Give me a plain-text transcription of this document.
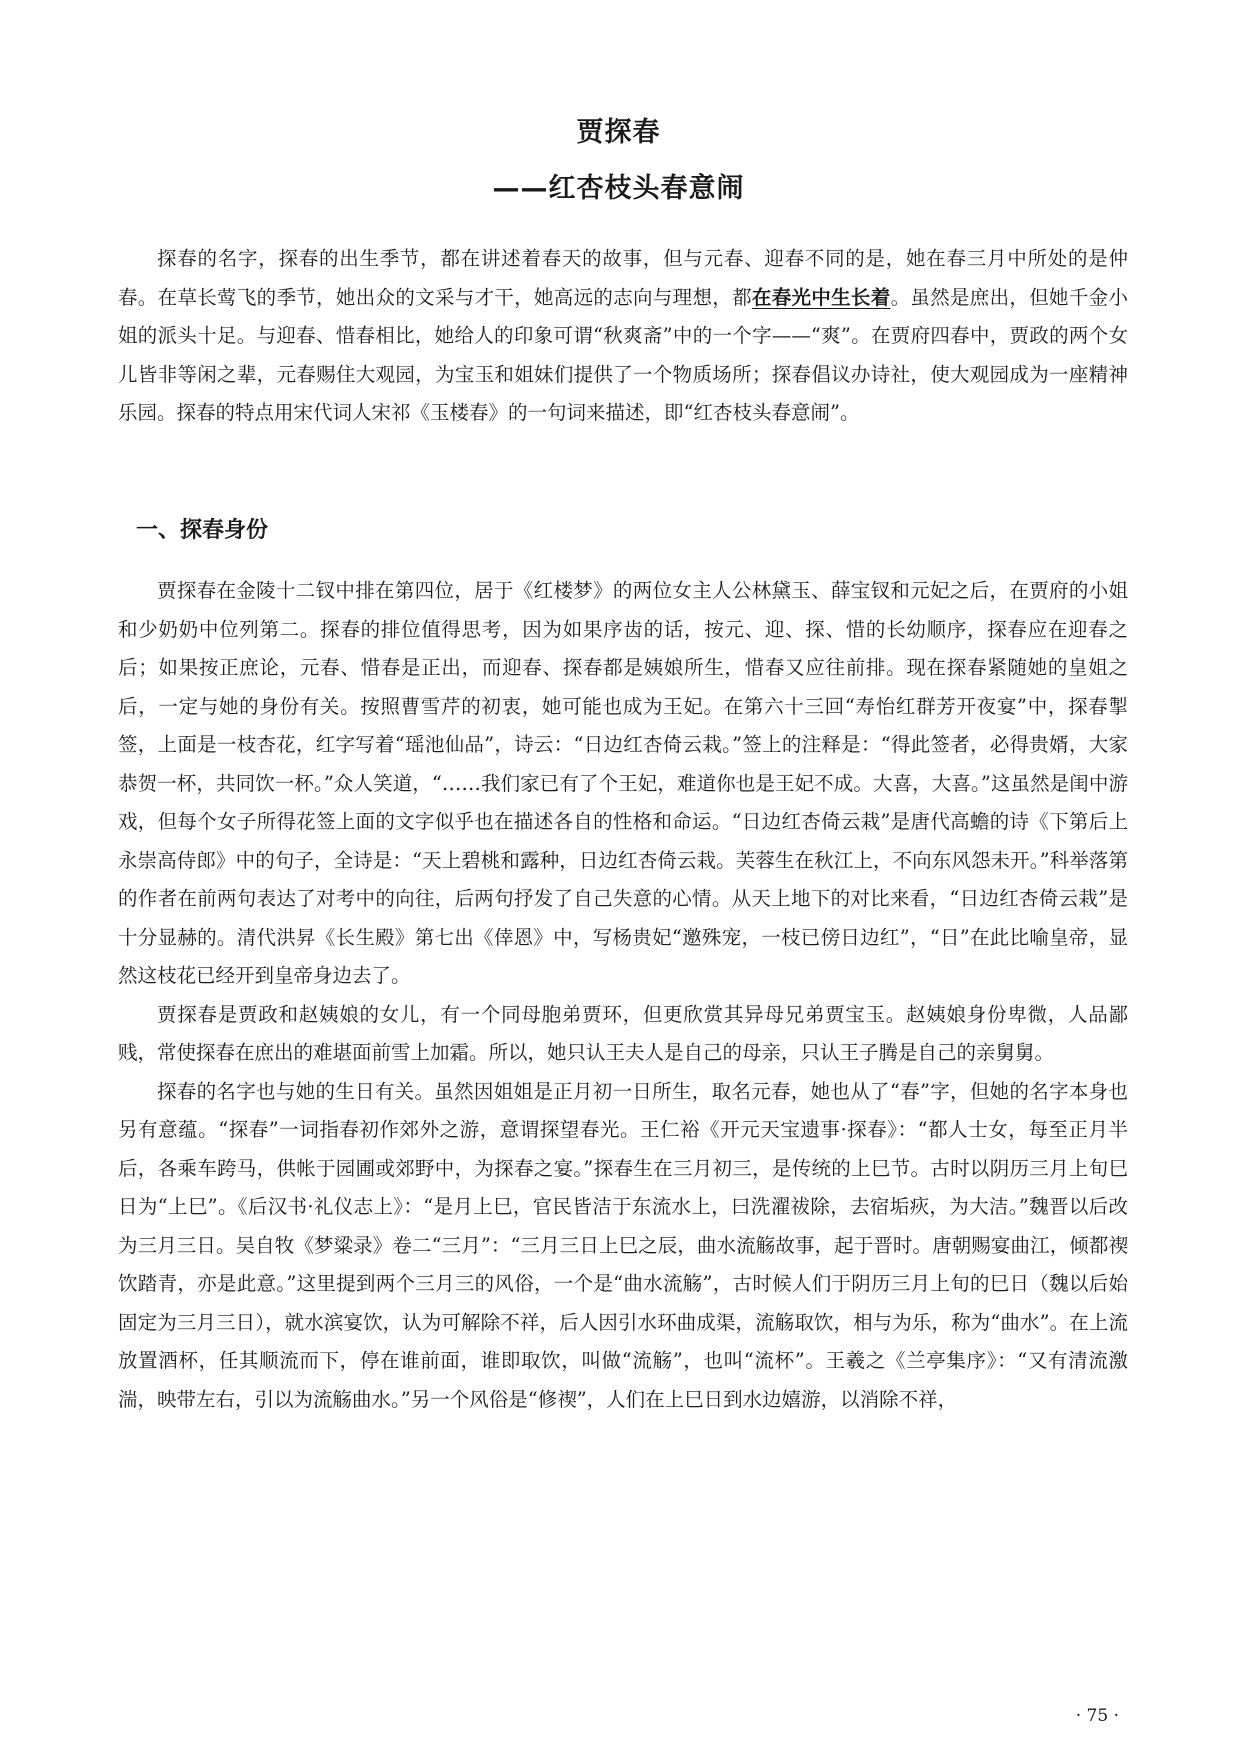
贾探春
——红杏枝头春意闹

探春的名字，探春的出生季节，都在讲述着春天的故事，但与元春、迎春不同的是，她在春三月中所处的是仲春。在草长莺飞的季节，她出众的文采与才干，她高远的志向与理想，都在春光中生长着。虽然是庶出，但她千金小姐的派头十足。与迎春、惜春相比，她给人的印象可谓“秋爽斋”中的一个字——“爽”。在贾府四春中，贾政的两个女儿皆非等闲之辈，元春赐住大观园，为宝玉和姐妹们提供了一个物质场所；探春倡议办诗社，使大观园成为一座精神乐园。探春的特点用宋代词人宋祁《玉楼春》的一句词来描述，即“红杏枝头春意闹”。

一、探春身份

贾探春在金陵十二钗中排在第四位，居于《红楼梦》的两位女主人公林黛玉、薛宝钗和元妃之后，在贾府的小姐和少奶奶中位列第二。探春的排位值得思考，因为如果序齿的话，按元、迎、探、惜的长幼顺序，探春应在迎春之后；如果按正庶论，元春、惜春是正出，而迎春、探春都是姨娘所生，惜春又应往前排。现在探春紧随她的皇姐之后，一定与她的身份有关。按照曹雪芹的初衷，她可能也成为王妃。在第六十三回“寿怡红群芳开夜宴”中，探春掣签，上面是一枝杏花，红字写着“瑶池仙品”，诗云：“日边红杏倚云栽。”签上的注释是：“得此签者，必得贵婿，大家恭贺一杯，共同饮一杯。”众人笑道，“……我们家已有了个王妃，难道你也是王妃不成。大喜，大喜。”这虽然是闺中游戏，但每个女子所得花签上面的文字似乎也在描述各自的性格和命运。“日边红杏倚云栽”是唐代高蟾的诗《下第后上永崇高侍郎》中的句子，全诗是：“天上碧桃和露种，日边红杏倚云栽。芙蓉生在秋江上，不向东风怨未开。”科举落第的作者在前两句表达了对考中的向往，后两句抒发了自己失意的心情。从天上地下的对比来看，“日边红杏倚云栽”是十分显赫的。清代洪昇《长生殿》第七出《倖恩》中，写杨贵妃“邀殊宠，一枝已傍日边红”，“日”在此比喻皇帝，显然这枝花已经开到皇帝身边去了。

贾探春是贾政和赵姨娘的女儿，有一个同母胞弟贾环，但更欣赏其异母兄弟贾宝玉。赵姨娘身份卑微，人品鄙贱，常使探春在庶出的难堪面前雪上加霜。所以，她只认王夫人是自己的母亲，只认王子腾是自己的亲舅舅。

探春的名字也与她的生日有关。虽然因姐姐是正月初一日所生，取名元春，她也从了“春”字，但她的名字本身也另有意蕴。“探春”一词指春初作郊外之游，意谓探望春光。王仁裕《开元天宝遗事·探春》：“都人士女，每至正月半后，各乘车跨马，供帐于园圃或郊野中，为探春之宴。”探春生在三月初三，是传统的上巳节。古时以阴历三月上旬巳日为“上巳”。《后汉书·礼仪志上》：“是月上巳，官民皆洁于东流水上，曰洗濯祓除，去宿垢疢，为大洁。”魏晋以后改为三月三日。吴自牧《梦粱录》卷二“三月”：“三月三日上巳之辰，曲水流觞故事，起于晋时。唐朝赐宴曲江，倾都禊饮踏青，亦是此意。”这里提到两个三月三的风俗，一个是“曲水流觞”，古时候人们于阴历三月上旬的巳日（魏以后始固定为三月三日），就水滨宴饮，认为可解除不祥，后人因引水环曲成渠，流觞取饮，相与为乐，称为“曲水”。在上流放置酒杯，任其顺流而下，停在谁前面，谁即取饮，叫做“流觞”，也叫“流杯”。王羲之《兰亭集序》：“又有清流激湍，映带左右，引以为流觞曲水。”另一个风俗是“修禊”，人们在上巳日到水边嬉游，以消除不祥，

· 75 ·
